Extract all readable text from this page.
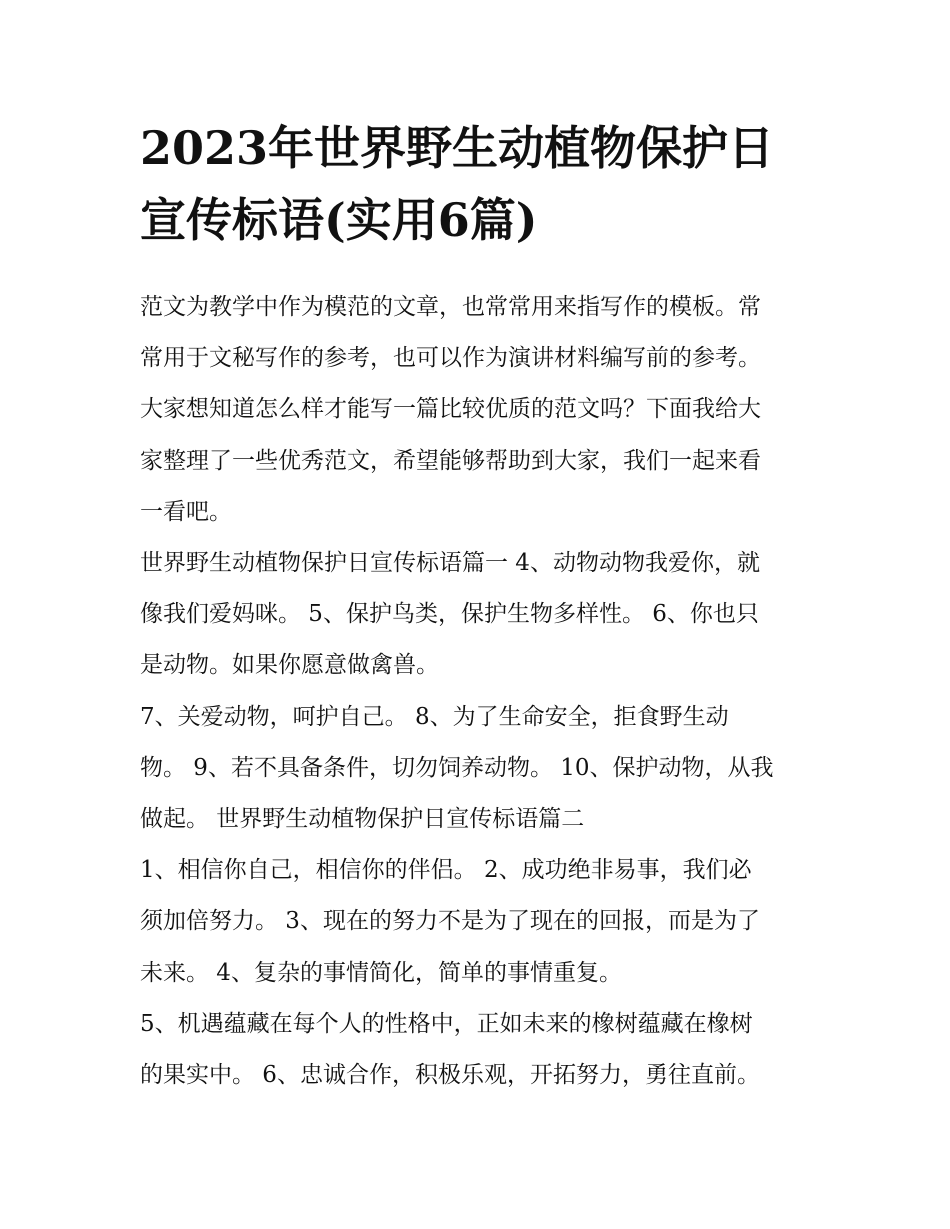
2023年世界野生动植物保护日
宣传标语(实用6篇)

范文为教学中作为模范的文章，也常常用来指写作的模板。常
常用于文秘写作的参考，也可以作为演讲材料编写前的参考。
大家想知道怎么样才能写一篇比较优质的范文吗？下面我给大
家整理了一些优秀范文，希望能够帮助到大家，我们一起来看
一看吧。

世界野生动植物保护日宣传标语篇一 4、动物动物我爱你，就
像我们爱妈咪。 5、保护鸟类，保护生物多样性。 6、你也只
是动物。如果你愿意做禽兽。

7、关爱动物，呵护自己。 8、为了生命安全，拒食野生动
物。 9、若不具备条件，切勿饲养动物。 10、保护动物，从我
做起。 世界野生动植物保护日宣传标语篇二

1、相信你自己，相信你的伴侣。 2、成功绝非易事，我们必
须加倍努力。 3、现在的努力不是为了现在的回报，而是为了
未来。 4、复杂的事情简化，简单的事情重复。

5、机遇蕴藏在每个人的性格中，正如未来的橡树蕴藏在橡树
的果实中。 6、忠诚合作，积极乐观，开拓努力，勇往直前。
